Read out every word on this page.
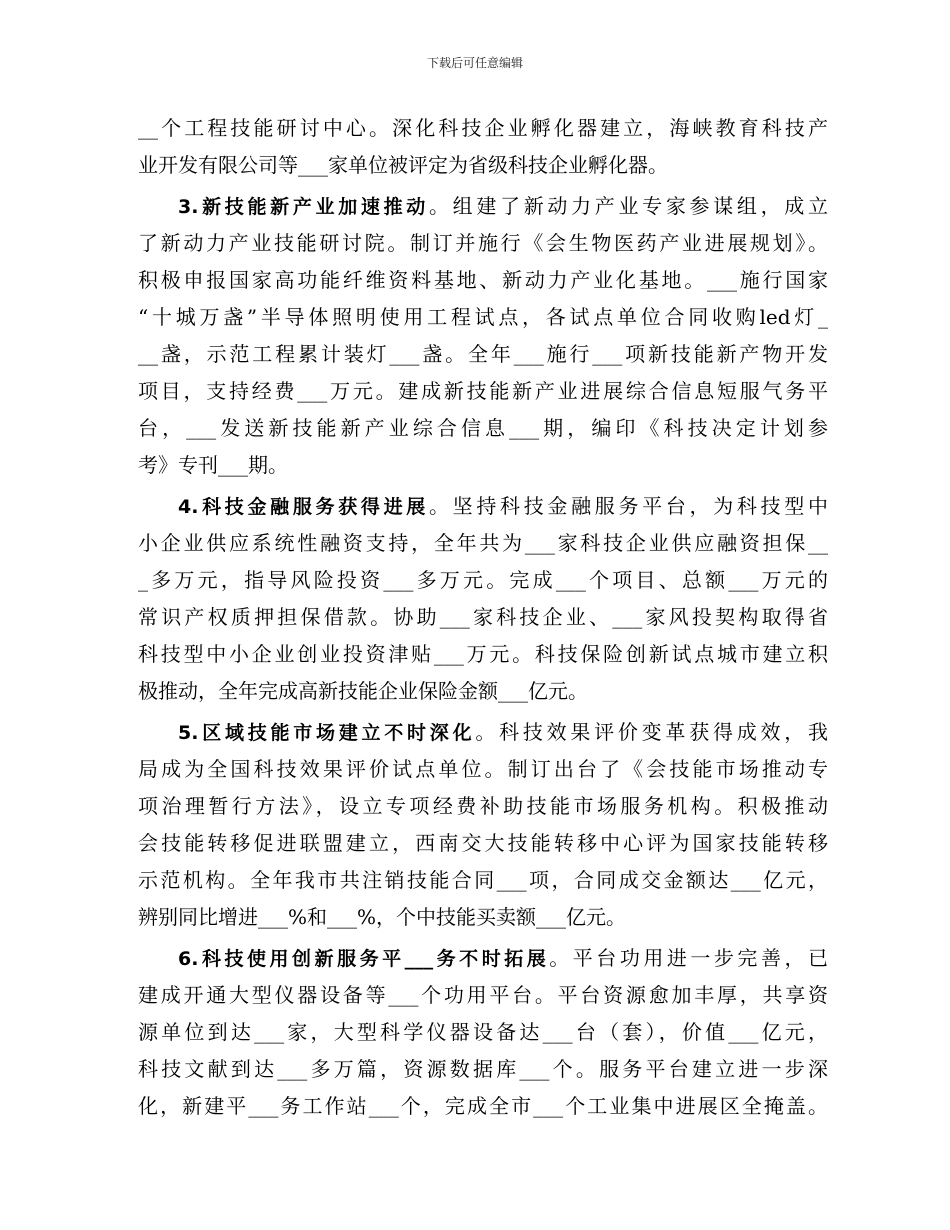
下载后可任意编辑
__个工程技能研讨中心。深化科技企业孵化器建立，海峡教育科技产
业开发有限公司等___家单位被评定为省级科技企业孵化器。
3.新技能新产业加速推动。组建了新动力产业专家参谋组，成立
了新动力产业技能研讨院。制订并施行《会生物医药产业进展规划》。
积极申报国家高功能纤维资料基地、新动力产业化基地。___施行国家
“十城万盏”半导体照明使用工程试点，各试点单位合同收购led灯_
__盏，示范工程累计装灯___盏。全年___施行___项新技能新产物开发
项目，支持经费___万元。建成新技能新产业进展综合信息短服气务平
台，___发送新技能新产业综合信息___期，编印《科技决定计划参
考》专刊___期。
4.科技金融服务获得进展。坚持科技金融服务平台，为科技型中
小企业供应系统性融资支持，全年共为___家科技企业供应融资担保__
_多万元，指导风险投资___多万元。完成___个项目、总额___万元的
常识产权质押担保借款。协助___家科技企业、___家风投契构取得省
科技型中小企业创业投资津贴___万元。科技保险创新试点城市建立积
极推动，全年完成高新技能企业保险金额___亿元。
5.区域技能市场建立不时深化。科技效果评价变革获得成效，我
局成为全国科技效果评价试点单位。制订出台了《会技能市场推动专
项治理暂行方法》，设立专项经费补助技能市场服务机构。积极推动
会技能转移促进联盟建立，西南交大技能转移中心评为国家技能转移
示范机构。全年我市共注销技能合同___项，合同成交金额达___亿元，
辨别同比增进___%和___%，个中技能买卖额___亿元。
6.科技使用创新服务平___务不时拓展。平台功用进一步完善，已
建成开通大型仪器设备等___个功用平台。平台资源愈加丰厚，共享资
源单位到达___家，大型科学仪器设备达___台（套），价值___亿元，
科技文献到达___多万篇，资源数据库___个。服务平台建立进一步深
化，新建平___务工作站___个，完成全市___个工业集中进展区全掩盖。
